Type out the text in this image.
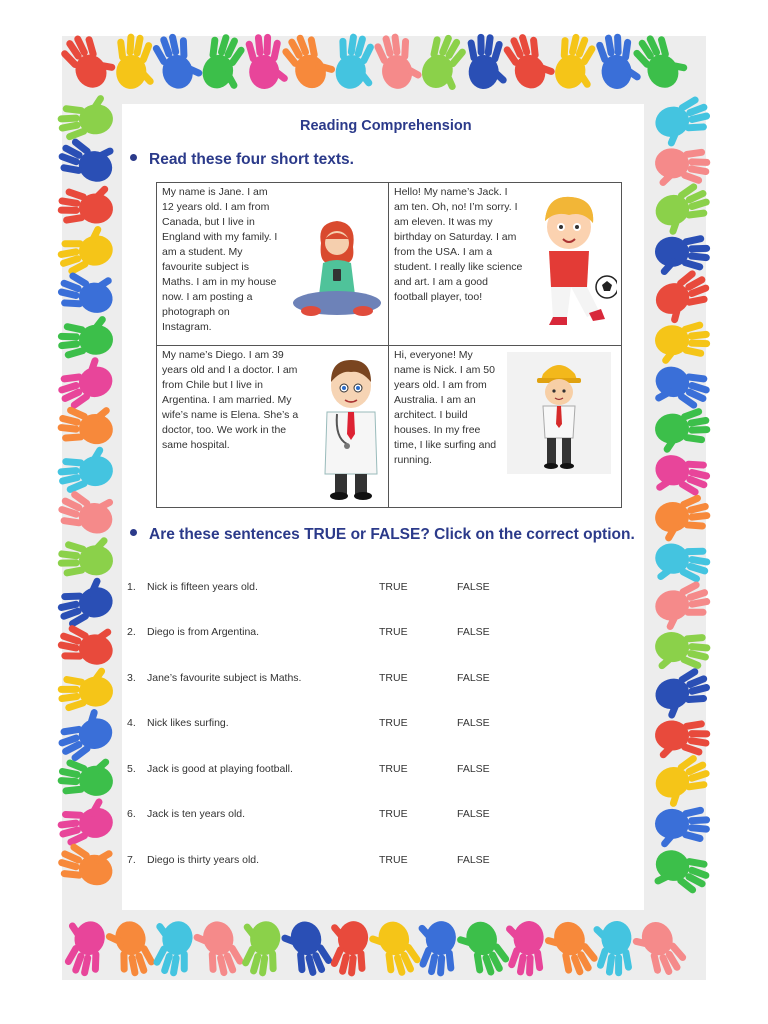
Reading Comprehension
Read these four short texts.
My name is Jane. I am 12 years old. I am from Canada, but I live in England with my family. I am a student. My favourite subject is Maths. I am in my house now. I am posting a photograph on Instagram.
Hello! My name’s Jack. I am ten. Oh, no! I’m sorry. I am eleven. It was my birthday on Saturday. I am from the USA. I am a student. I really like science and art. I am a good football player, too!
My name’s Diego. I am 39 years old and I a doctor. I am from Chile but I live in Argentina. I am married. My wife’s name is Elena. She’s a doctor, too. We work in the same hospital.
Hi, everyone! My name is Nick. I am 50 years old. I am from Australia. I am an architect. I build houses. In my free time, I like surfing and running.
Are these sentences TRUE or FALSE? Click on the correct option.
1. Nick is fifteen years old.	TRUE	FALSE
2. Diego is from Argentina.	TRUE	FALSE
3. Jane’s favourite subject is Maths.	TRUE	FALSE
4. Nick likes surfing.	TRUE	FALSE
5. Jack is good at playing football.	TRUE	FALSE
6. Jack is ten years old.	TRUE	FALSE
7. Diego is thirty years old.	TRUE	FALSE
